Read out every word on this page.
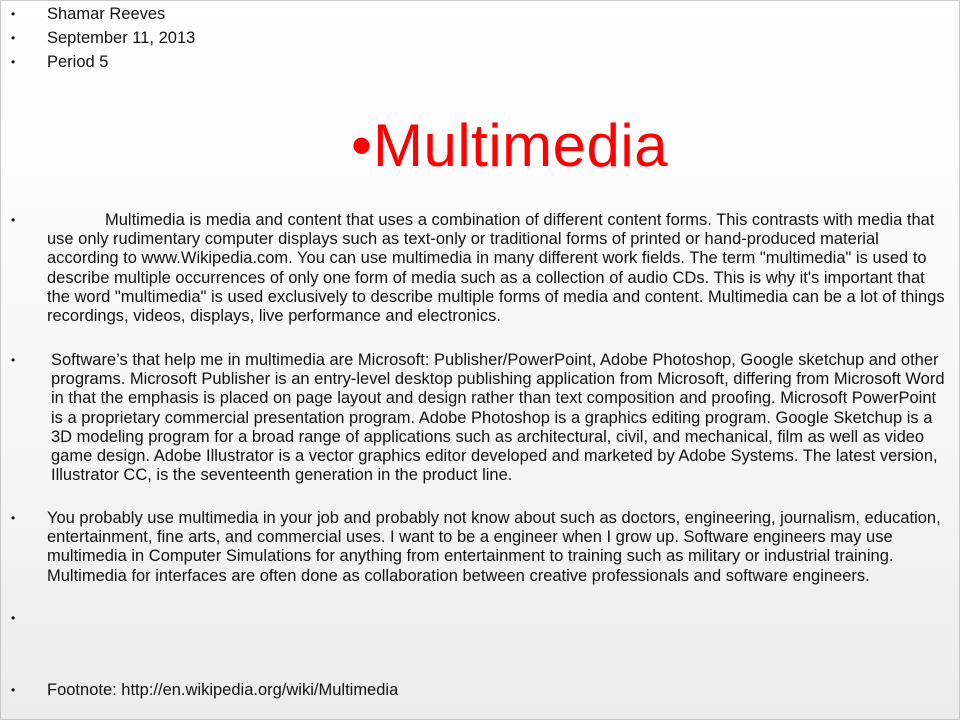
•	Shamar Reeves
•	September 11, 2013
•	Period 5
• Multimedia
•	Multimedia is media and content that uses a combination of different content forms. This contrasts with media that use only rudimentary computer displays such as text-only or traditional forms of printed or hand-produced material according to www.Wikipedia.com. You can use multimedia in many different work fields. The term "multimedia" is used to describe multiple occurrences of only one form of media such as a collection of audio CDs. This is why it's important that the word "multimedia" is used exclusively to describe multiple forms of media and content. Multimedia can be a lot of things recordings, videos, displays, live performance and electronics.
•	Software’s that help me in multimedia are Microsoft: Publisher/PowerPoint, Adobe Photoshop, Google sketchup and other programs. Microsoft Publisher is an entry-level desktop publishing application from Microsoft, differing from Microsoft Word in that the emphasis is placed on page layout and design rather than text composition and proofing. Microsoft PowerPoint is a proprietary commercial presentation program. Adobe Photoshop is a graphics editing program. Google Sketchup is a 3D modeling program for a broad range of applications such as architectural, civil, and mechanical, film as well as video game design. Adobe Illustrator is a vector graphics editor developed and marketed by Adobe Systems. The latest version, Illustrator CC, is the seventeenth generation in the product line.
•	You probably use multimedia in your job and probably not know about such as doctors, engineering, journalism, education, entertainment, fine arts, and commercial uses. I want to be a engineer when I grow up. Software engineers may use multimedia in Computer Simulations for anything from entertainment to training such as military or industrial training. Multimedia for interfaces are often done as collaboration between creative professionals and software engineers.
•
•	Footnote: http://en.wikipedia.org/wiki/Multimedia
